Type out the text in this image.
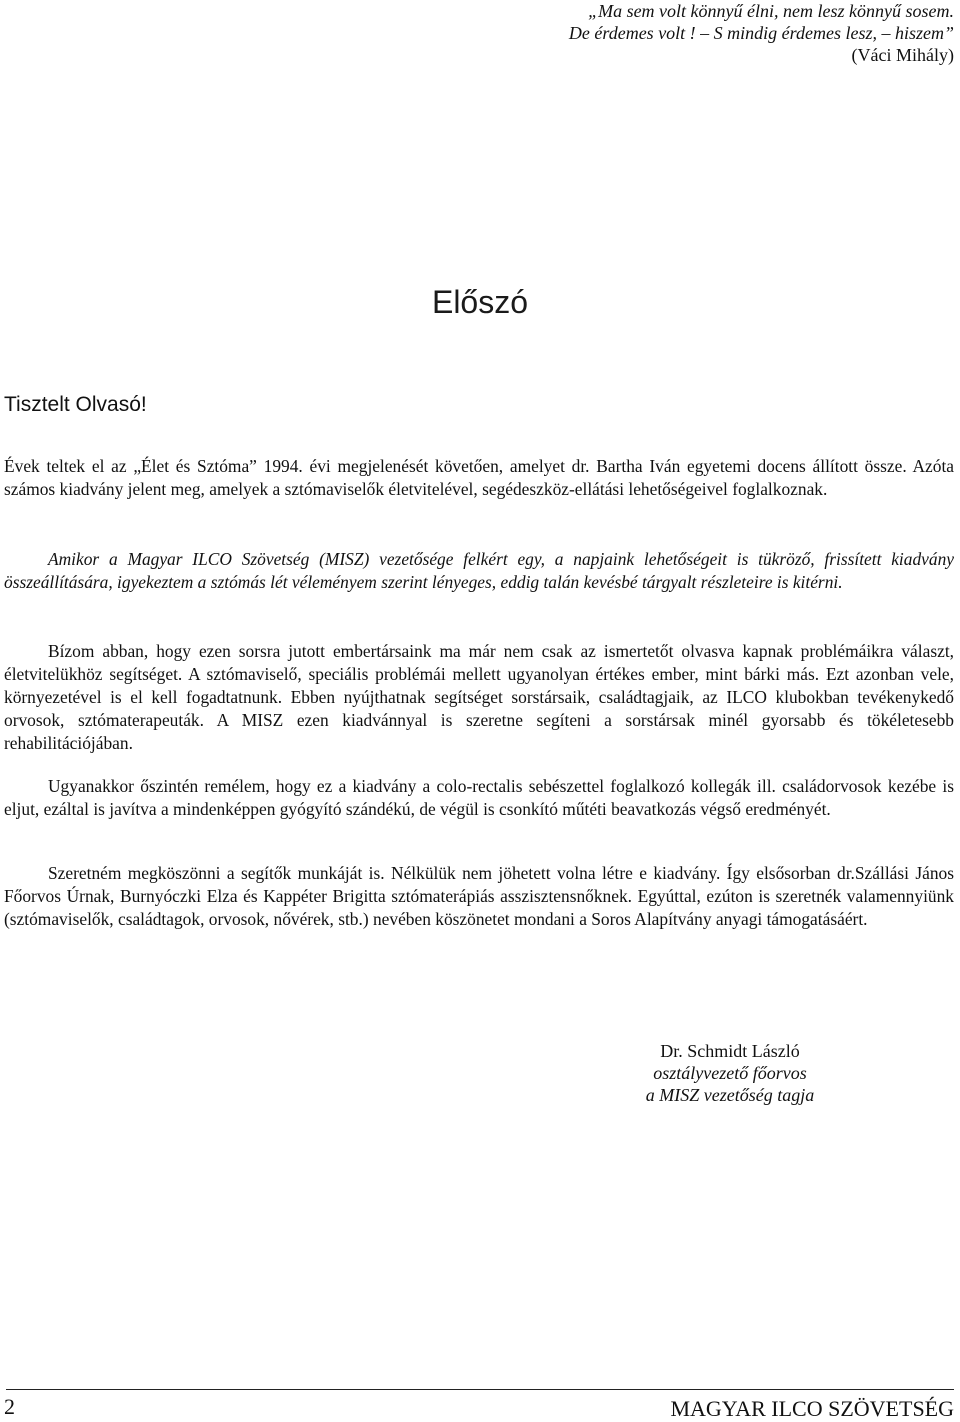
„Ma sem volt könnyű élni, nem lesz könnyű sosem.
De érdemes volt ! – S mindig érdemes lesz, – hiszem”
(Váci Mihály)
Előszó
Tisztelt Olvasó!

Évek teltek el az „Élet és Sztóma” 1994. évi megjelenését követően, amelyet dr. Bartha Iván egyetemi docens állított össze. Azóta számos kiadvány jelent meg, amelyek a sztómaviselők életvitelével, segédeszköz-ellátási lehetőségeivel foglalkoznak.

Amikor a Magyar ILCO Szövetség (MISZ) vezetősége felkért egy, a napjaink lehetőségeit is tükröző, frissített kiadvány összeállítására, igyekeztem a sztómás lét véleményem szerint lényeges, eddig talán kevésbé tárgyalt részleteire is kitérni.

Bízom abban, hogy ezen sorsra jutott embertársaink ma már nem csak az ismertetőt olvasva kapnak problémáikra választ, életvitelükhöz segítséget. A sztómaviselő, speciális problémái mellett ugyanolyan értékes ember, mint bárki más. Ezt azonban vele, környezetével is el kell fogadtatnunk. Ebben nyújthatnak segítséget sorstársaik, családtagjaik, az ILCO klubokban tevékenykedő orvosok, sztómaterapeuták. A MISZ ezen kiadvánnyal is szeretne segíteni a sorstársak minél gyorsabb és tökéletesebb rehabilitációjában.

Ugyanakkor őszintén remélem, hogy ez a kiadvány a colo-rectalis sebészettel foglalkozó kollegák ill. családorvosok kezébe is eljut, ezáltal is javítva a mindenképpen gyógyító szándékú, de végül is csonkító műtéti beavatkozás végső eredményét.

Szeretném megköszönni a segítők munkáját is. Nélkülük nem jöhetett volna létre e kiadvány. Így elsősorban dr.Szállási János Főorvos Úrnak, Burnyóczki Elza és Kappéter Brigitta sztómaterápiás asszisztensnőknek. Egyúttal, ezúton is szeretnék valamennyiünk (sztómaviselők, családtagok, orvosok, nővérek, stb.) nevében köszönetet mondani a Soros Alapítvány anyagi támogatásáért.

Dr. Schmidt László
osztályvezető főorvos
a MISZ vezetőség tagja
2	MAGYAR ILCO SZÖVETSÉG
